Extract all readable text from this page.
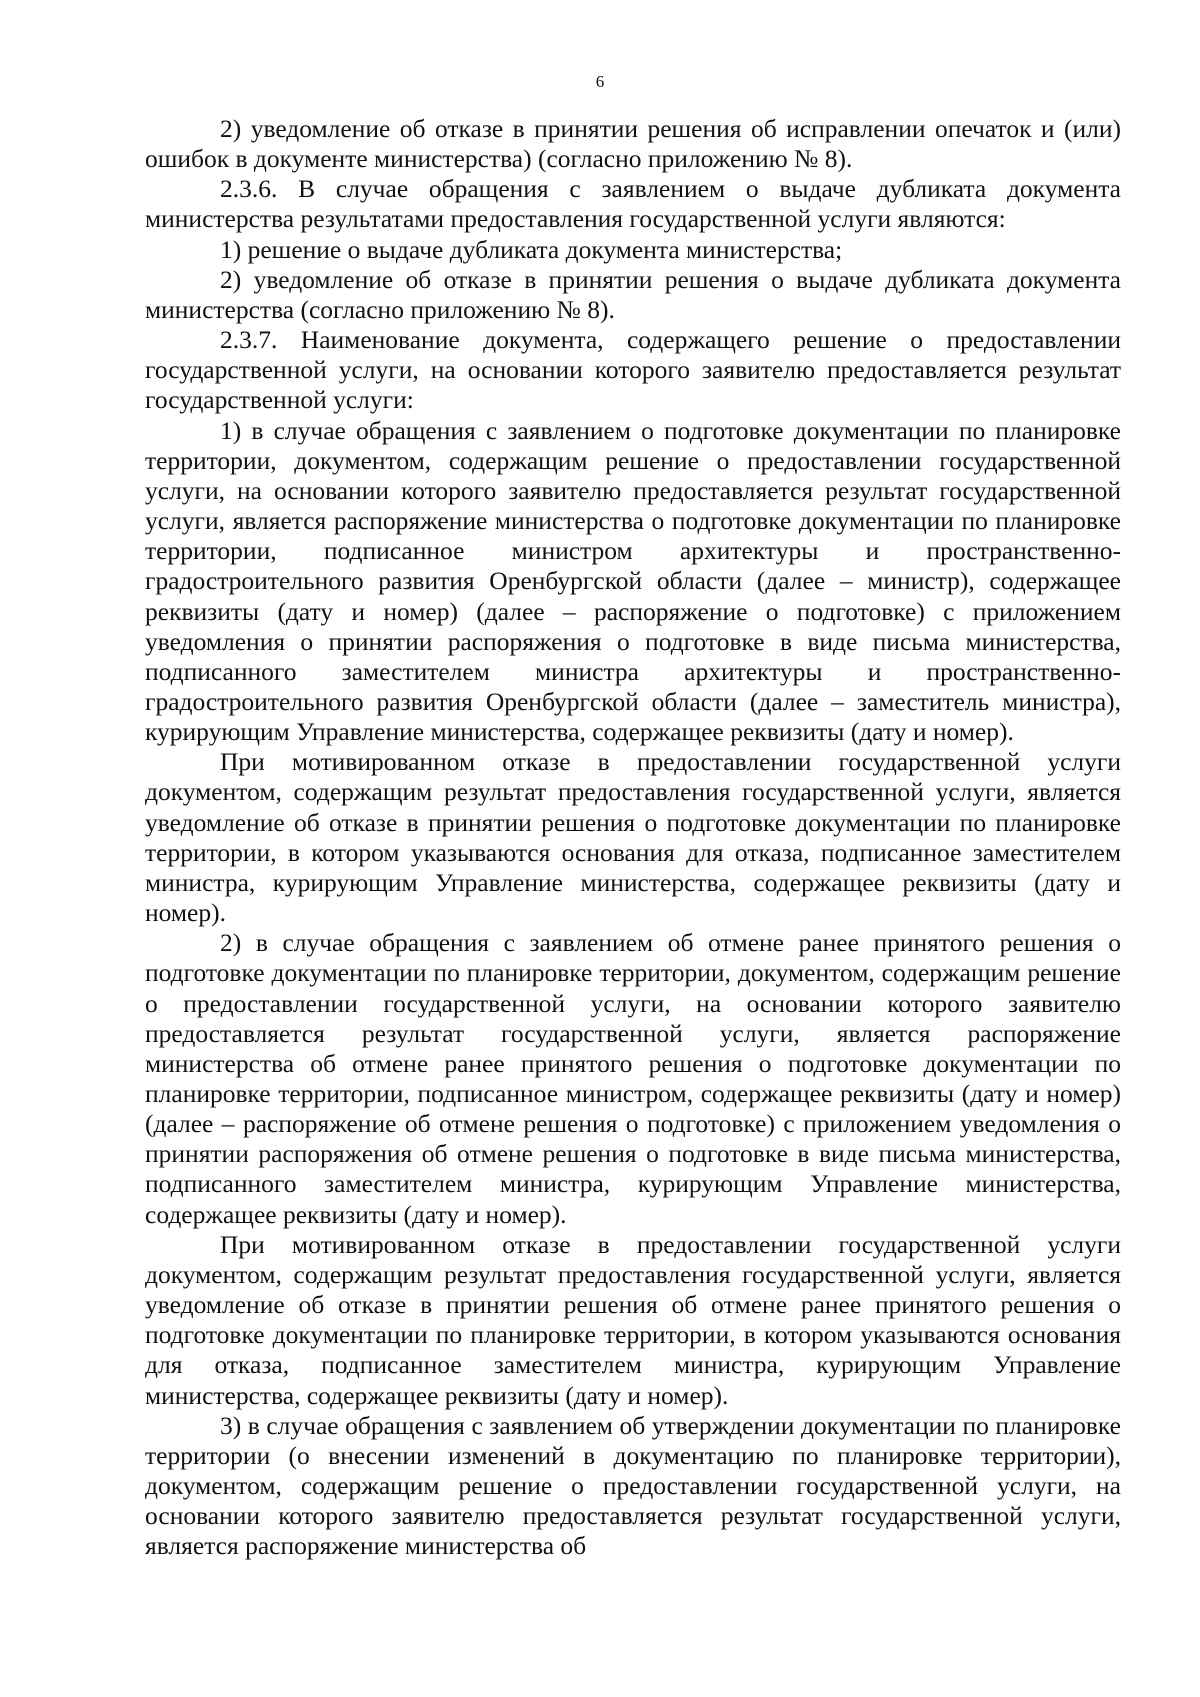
6

2) уведомление об отказе в принятии решения об исправлении опечаток и (или) ошибок в документе министерства) (согласно приложению № 8).

2.3.6. В случае обращения с заявлением о выдаче дубликата документа министерства результатами предоставления государственной услуги являются:

1) решение о выдаче дубликата документа министерства;

2) уведомление об отказе в принятии решения о выдаче дубликата документа министерства (согласно приложению № 8).

2.3.7. Наименование документа, содержащего решение о предоставлении государственной услуги, на основании которого заявителю предоставляется результат государственной услуги:

1) в случае обращения с заявлением о подготовке документации по планировке территории, документом, содержащим решение о предоставлении государственной услуги, на основании которого заявителю предоставляется результат государственной услуги, является распоряжение министерства о подготовке документации по планировке территории, подписанное министром архитектуры и пространственно-градостроительного развития Оренбургской области (далее – министр), содержащее реквизиты (дату и номер) (далее – распоряжение о подготовке) с приложением уведомления о принятии распоряжения о подготовке в виде письма министерства, подписанного заместителем министра архитектуры и пространственно-градостроительного развития Оренбургской области (далее – заместитель министра), курирующим Управление министерства, содержащее реквизиты (дату и номер).

При мотивированном отказе в предоставлении государственной услуги документом, содержащим результат предоставления государственной услуги, является уведомление об отказе в принятии решения о подготовке документации по планировке территории, в котором указываются основания для отказа, подписанное заместителем министра, курирующим Управление министерства, содержащее реквизиты (дату и номер).

2) в случае обращения с заявлением об отмене ранее принятого решения о подготовке документации по планировке территории, документом, содержащим решение о предоставлении государственной услуги, на основании которого заявителю предоставляется результат государственной услуги, является распоряжение министерства об отмене ранее принятого решения о подготовке документации по планировке территории, подписанное министром, содержащее реквизиты (дату и номер) (далее – распоряжение об отмене решения о подготовке) с приложением уведомления о принятии распоряжения об отмене решения о подготовке в виде письма министерства, подписанного заместителем министра, курирующим Управление министерства, содержащее реквизиты (дату и номер).

При мотивированном отказе в предоставлении государственной услуги документом, содержащим результат предоставления государственной услуги, является уведомление об отказе в принятии решения об отмене ранее принятого решения о подготовке документации по планировке территории, в котором указываются основания для отказа, подписанное заместителем министра, курирующим Управление министерства, содержащее реквизиты (дату и номер).

3) в случае обращения с заявлением об утверждении документации по планировке территории (о внесении изменений в документацию по планировке территории), документом, содержащим решение о предоставлении государственной услуги, на основании которого заявителю предоставляется результат государственной услуги, является распоряжение министерства об
